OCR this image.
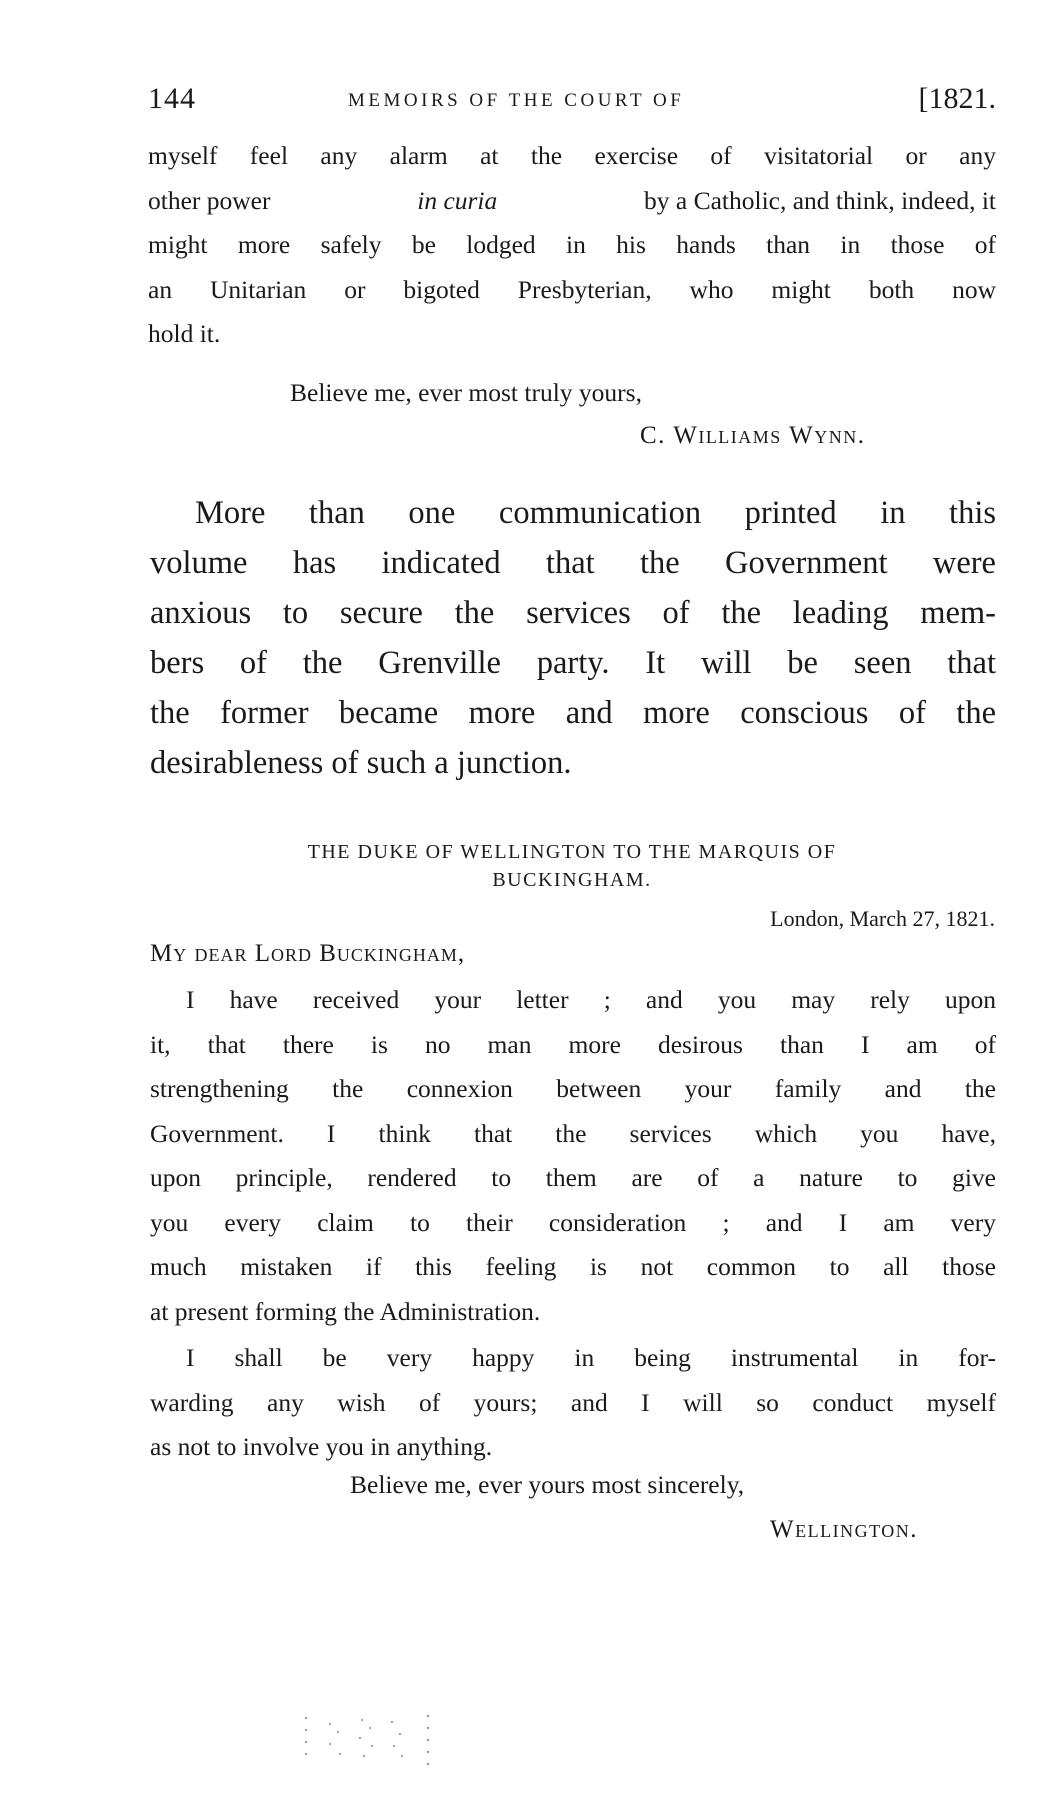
144	MEMOIRS OF THE COURT OF	[1821.
myself feel any alarm at the exercise of visitatorial or any
other power	in curia	by a Catholic, and think, indeed, it
might more safely be lodged in his hands than in those of
an Unitarian or bigoted Presbyterian, who might both now
hold it.
Believe me, ever most truly yours,
C. Williams Wynn.
More than one communication printed in this
volume has indicated that the Government were
anxious to secure the services of the leading mem-
bers of the Grenville party. It will be seen that
the former became more and more conscious of the
desirableness of such a junction.
THE DUKE OF WELLINGTON TO THE MARQUIS OF
BUCKINGHAM.
London, March 27, 1821.
My dear Lord Buckingham,
I have received your letter ; and you may rely upon
it, that there is no man more desirous than I am of
strengthening the connexion between your family and the
Government. I think that the services which you have,
upon principle, rendered to them are of a nature to give
you every claim to their consideration ; and I am very
much mistaken if this feeling is not common to all those
at present forming the Administration.
I shall be very happy in being instrumental in for-
warding any wish of yours; and I will so conduct myself
as not to involve you in anything.
Believe me, ever yours most sincerely,
Wellington.
